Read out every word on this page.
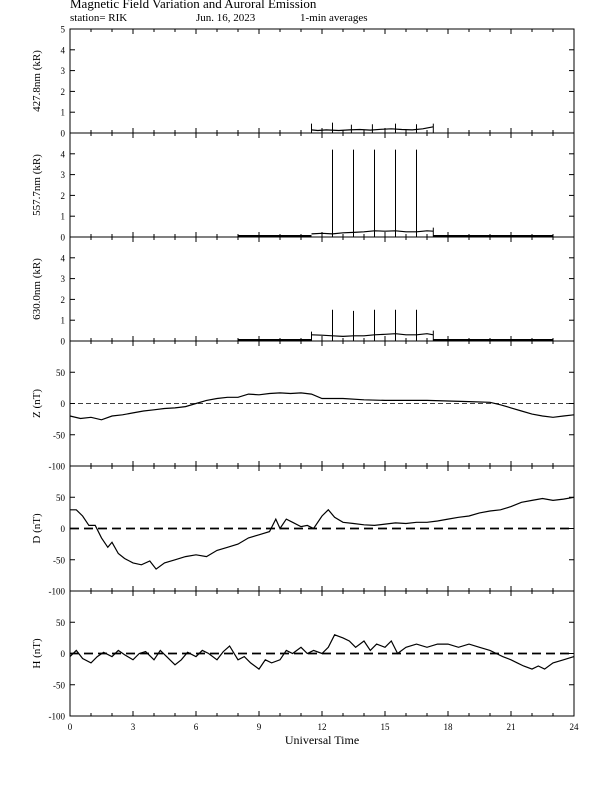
Magnetic Field Variation and Auroral Emission
station= RIK	Jun. 16, 2023	1-min averages
0
1
2
3
4
5
427.8nm (kR)
0
1
2
3
4
557.7nm (kR)
0
1
2
3
4
630.0nm (kR)
-100
-50
0
50
Z (nT)
-100
-50
0
50
D (nT)
-100
-50
0
50
H (nT)
0	3	6	9	12	15	18	21	24
Universal Time
